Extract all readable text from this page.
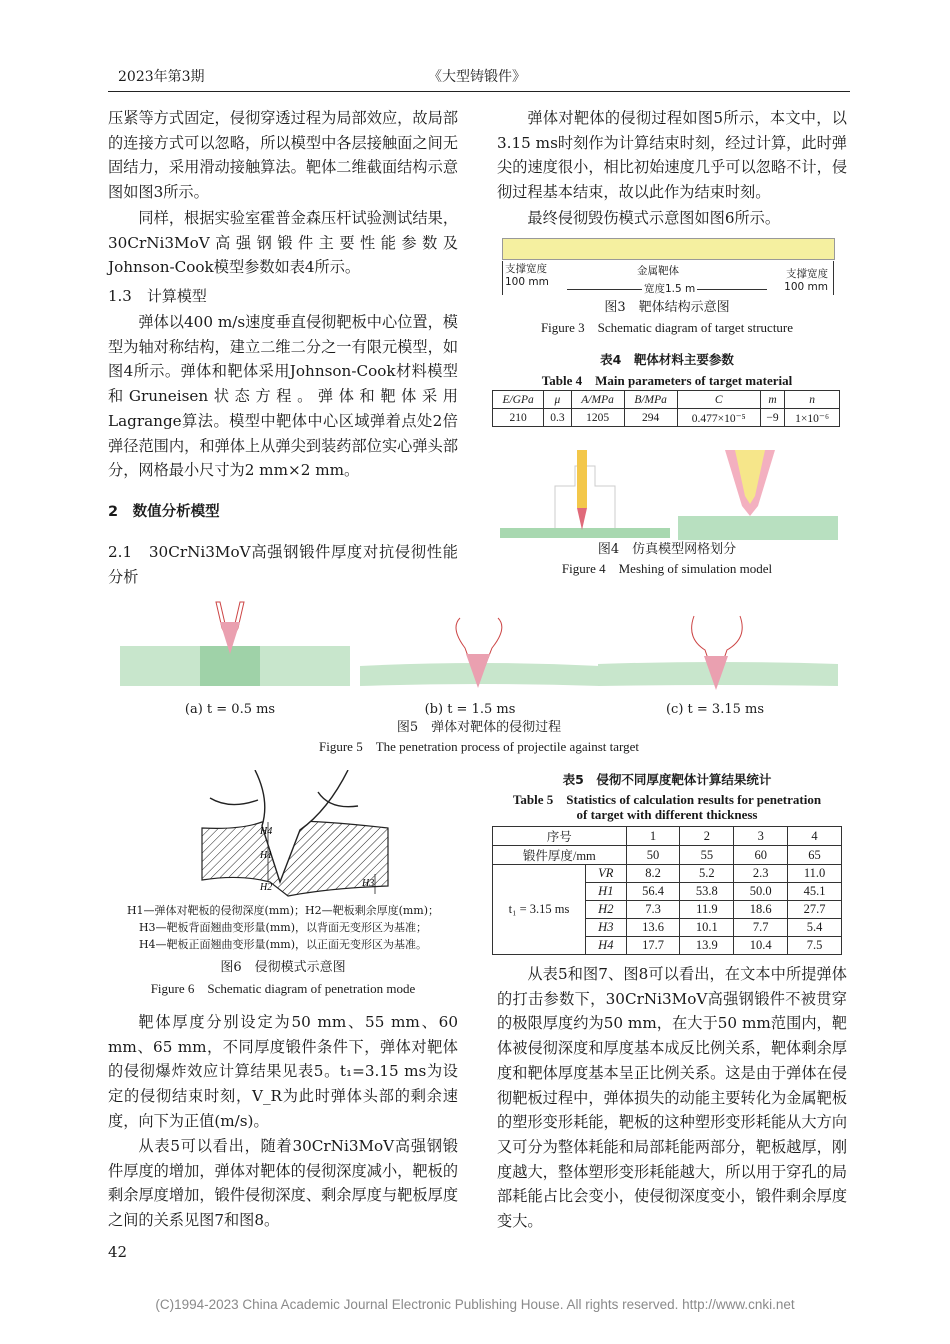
2023年第3期	《大型铸锻件》
压紧等方式固定，侵彻穿透过程为局部效应，故局部的连接方式可以忽略，所以模型中各层接触面之间无固结力，采用滑动接触算法。靶体二维截面结构示意图如图3所示。
同样，根据实验室霍普金森压杆试验测试结果，30CrNi3MoV高强钢锻件主要性能参数及Johnson-Cook模型参数如表4所示。
1.3　计算模型
弹体以400 m/s速度垂直侵彻靶板中心位置，模型为轴对称结构，建立二维二分之一有限元模型，如图4所示。弹体和靶体采用Johnson-Cook材料模型和Gruneisen状态方程。弹体和靶体采用Lagrange算法。模型中靶体中心区域弹着点处2倍弹径范围内，和弹体上从弹尖到装药部位实心弹头部分，网格最小尺寸为2 mm×2 mm。
2　数值分析模型
2.1　30CrNi3MoV高强钢锻件厚度对抗侵彻性能分析
弹体对靶体的侵彻过程如图5所示，本文中，以3.15 ms时刻作为计算结束时刻，经过计算，此时弹尖的速度很小，相比初始速度几乎可以忽略不计，侵彻过程基本结束，故以此作为结束时刻。
最终侵彻毁伤模式示意图如图6所示。
支撑宽度
100 mm
金属靶体	支撑宽度
100 mm
宽度1.5 m
图3　靶体结构示意图
Figure 3　Schematic diagram of target structure
表4　靶体材料主要参数
Table 4　Main parameters of target material
E/GPa	μ	A/MPa	B/MPa	C	m	n
210	0.3	1205	294	0.477×10⁻⁵	−9	1×10⁻⁶
图4　仿真模型网格划分
Figure 4　Meshing of simulation model
(a) t = 0.5 ms	(b) t = 1.5 ms	(c) t = 3.15 ms
图5　弹体对靶体的侵彻过程
Figure 5　The penetration process of projectile against target
H4
H1
H2	H3
H1—弹体对靶板的侵彻深度(mm)；H2—靶板剩余厚度(mm)；
H3—靶板背面翘曲变形量(mm)，以背面无变形区为基准；
H4—靶板正面翘曲变形量(mm)，以正面无变形区为基准。
图6　侵彻模式示意图
Figure 6　Schematic diagram of penetration mode
靶体厚度分别设定为50 mm、55 mm、60 mm、65 mm，不同厚度锻件条件下，弹体对靶体的侵彻爆炸效应计算结果见表5。t₁=3.15 ms为设定的侵彻结束时刻，V_R为此时弹体头部的剩余速度，向下为正值(m/s)。
从表5可以看出，随着30CrNi3MoV高强钢锻件厚度的增加，弹体对靶体的侵彻深度减小，靶板的剩余厚度增加，锻件侵彻深度、剩余厚度与靶板厚度之间的关系见图7和图8。
表5　侵彻不同厚度靶体计算结果统计
Table 5　Statistics of calculation results for penetration
of target with different thickness
序号		1	2	3	4
锻件厚度/mm		50	55	60	65
t₁ = 3.15 ms	VR	8.2	5.2	2.3	11.0
	H1	56.4	53.8	50.0	45.1
	H2	7.3	11.9	18.6	27.7
	H3	13.6	10.1	7.7	5.4
	H4	17.7	13.9	10.4	7.5
从表5和图7、图8可以看出，在文本中所提弹体的打击参数下，30CrNi3MoV高强钢锻件不被贯穿的极限厚度约为50 mm，在大于50 mm范围内，靶体被侵彻深度和厚度基本成反比例关系，靶体剩余厚度和靶体厚度基本呈正比例关系。这是由于弹体在侵彻靶板过程中，弹体损失的动能主要转化为金属靶板的塑形变形耗能，靶板的这种塑形变形耗能从大方向又可分为整体耗能和局部耗能两部分，靶板越厚，刚度越大，整体塑形变形耗能越大，所以用于穿孔的局部耗能占比会变小，使侵彻深度变小，锻件剩余厚度变大。
42
(C)1994-2023 China Academic Journal Electronic Publishing House. All rights reserved. http://www.cnki.net
